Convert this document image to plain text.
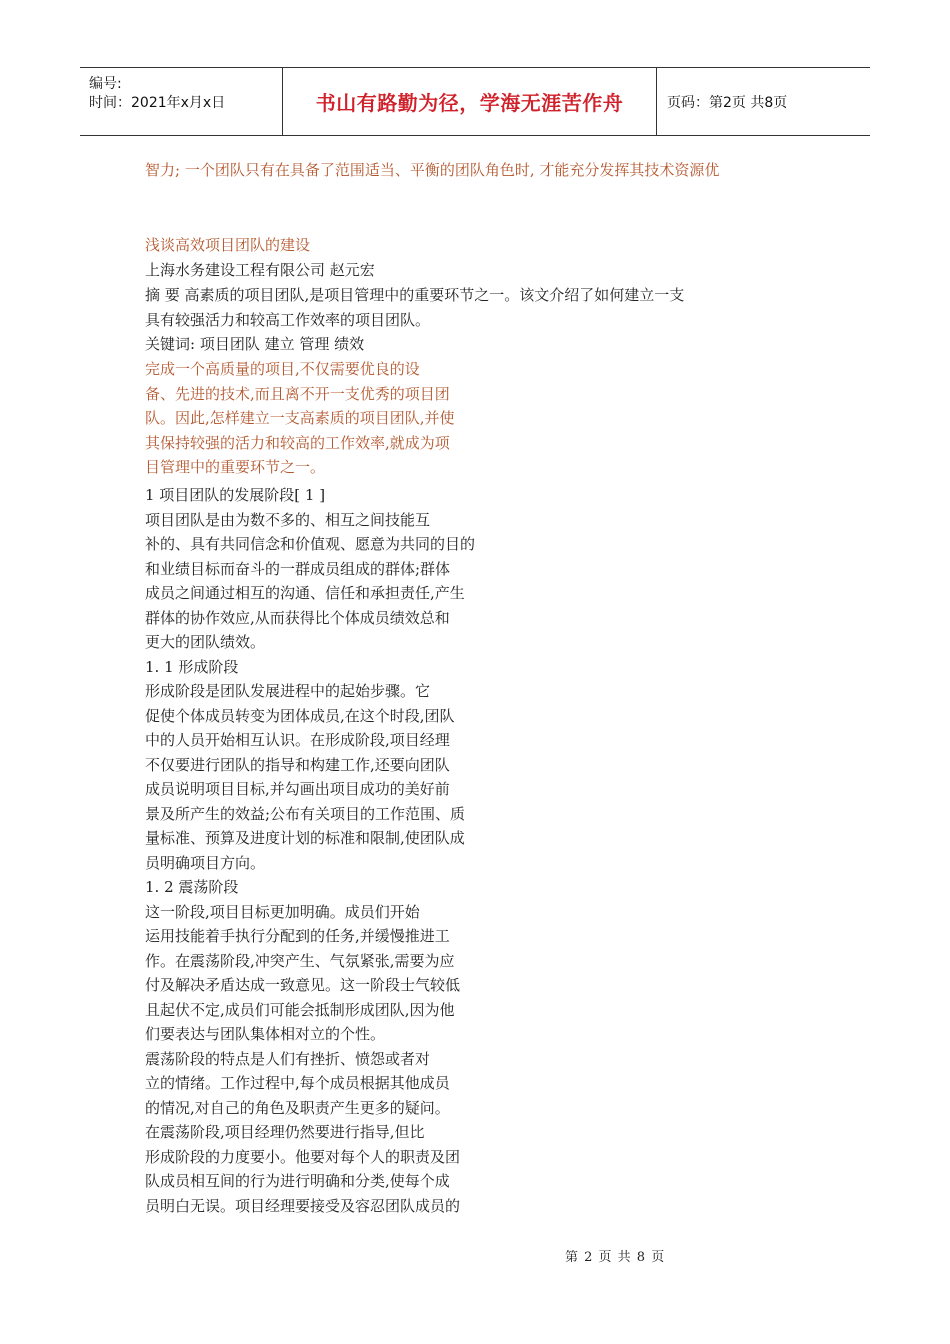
编号:
时间：2021年x月x日	书山有路勤为径，学海无涯苦作舟	页码：第2页 共8页
智力; 一个团队只有在具备了范围适当、平衡的团队角色时, 才能充分发挥其技术资源优
浅谈高效项目团队的建设
上海水务建设工程有限公司 赵元宏
摘 要 高素质的项目团队,是项目管理中的重要环节之一。该文介绍了如何建立一支
具有较强活力和较高工作效率的项目团队。
关键词: 项目团队 建立 管理 绩效
完成一个高质量的项目,不仅需要优良的设
备、先进的技术,而且离不开一支优秀的项目团
队。因此,怎样建立一支高素质的项目团队,并使
其保持较强的活力和较高的工作效率,就成为项
目管理中的重要环节之一。
1 项目团队的发展阶段[ 1 ]
项目团队是由为数不多的、相互之间技能互
补的、具有共同信念和价值观、愿意为共同的目的
和业绩目标而奋斗的一群成员组成的群体;群体
成员之间通过相互的沟通、信任和承担责任,产生
群体的协作效应,从而获得比个体成员绩效总和
更大的团队绩效。
1. 1 形成阶段
形成阶段是团队发展进程中的起始步骤。它
促使个体成员转变为团体成员,在这个时段,团队
中的人员开始相互认识。在形成阶段,项目经理
不仅要进行团队的指导和构建工作,还要向团队
成员说明项目目标,并勾画出项目成功的美好前
景及所产生的效益;公布有关项目的工作范围、质
量标准、预算及进度计划的标准和限制,使团队成
员明确项目方向。
1. 2 震荡阶段
这一阶段,项目目标更加明确。成员们开始
运用技能着手执行分配到的任务,并缓慢推进工
作。在震荡阶段,冲突产生、气氛紧张,需要为应
付及解决矛盾达成一致意见。这一阶段士气较低
且起伏不定,成员们可能会抵制形成团队,因为他
们要表达与团队集体相对立的个性。
震荡阶段的特点是人们有挫折、愤怨或者对
立的情绪。工作过程中,每个成员根据其他成员
的情况,对自己的角色及职责产生更多的疑问。
在震荡阶段,项目经理仍然要进行指导,但比
形成阶段的力度要小。他要对每个人的职责及团
队成员相互间的行为进行明确和分类,使每个成
员明白无误。项目经理要接受及容忍团队成员的
第 2 页 共 8 页
